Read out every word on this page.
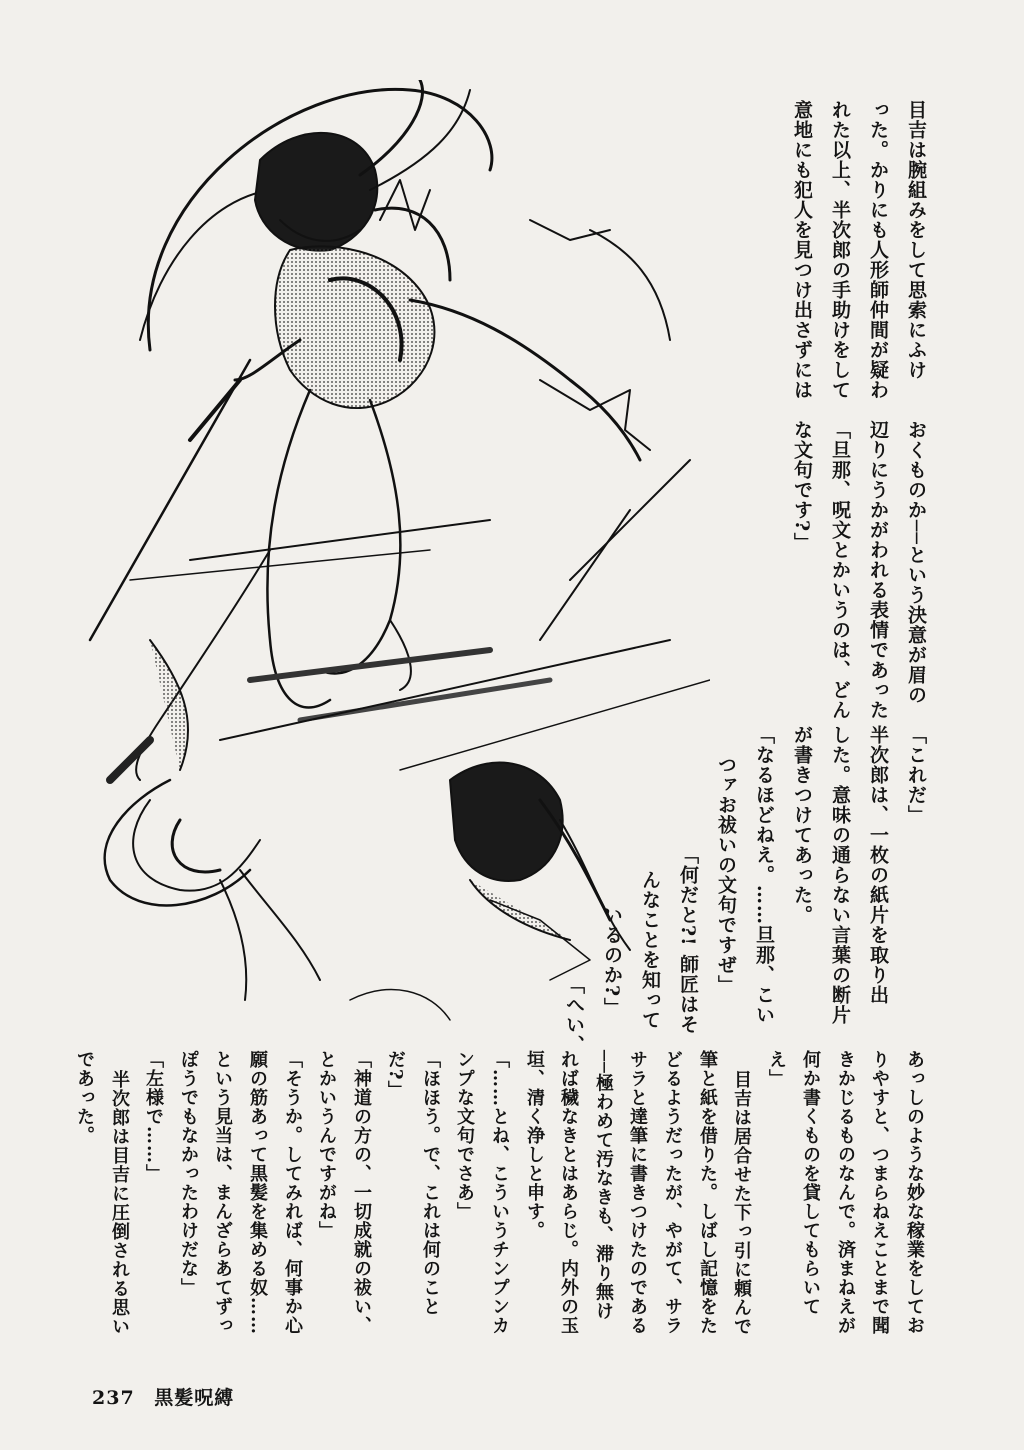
目吉は腕組みをして思索にふけ
った。かりにも人形師仲間が疑わ
れた以上、半次郎の手助けをして
意地にも犯人を見つけ出さずには
おくものか──という決意が眉の
辺りにうかがわれる表情であった
「旦那、呪文とかいうのは、どん
な文句です?」
「これだ」
半次郎は、一枚の紙片を取り出
した。意味の通らない言葉の断片
が書きつけてあった。
「なるほどねえ。……旦那、こい
つァお祓いの文句ですぜ」
「何だと?! 師匠はそ
んなことを知って
いるのか?」
「へい、
あっしのような妙な稼業をしてお
りやすと、つまらねえことまで聞
きかじるものなんで。済まねえが
何か書くものを貸してもらいて
え」
目吉は居合せた下っ引に頼んで
筆と紙を借りた。しばし記憶をた
どるようだったが、やがて、サラ
サラと達筆に書きつけたのである
──極わめて汚なきも、滞り無け
れば穢なきとはあらじ。内外の玉
垣、清く浄しと申す。
「……とね、こういうチンプンカ
ンプな文句でさあ」
「ほほう。で、これは何のこと
だ?」
「神道の方の、一切成就の祓い、
とかいうんですがね」
「そうか。してみれば、何事か心
願の筋あって黒髪を集める奴……
という見当は、まんざらあてずっ
ぽうでもなかったわけだな」
「左様で……」
半次郎は目吉に圧倒される思い
であった。
237 黒髪呪縛
